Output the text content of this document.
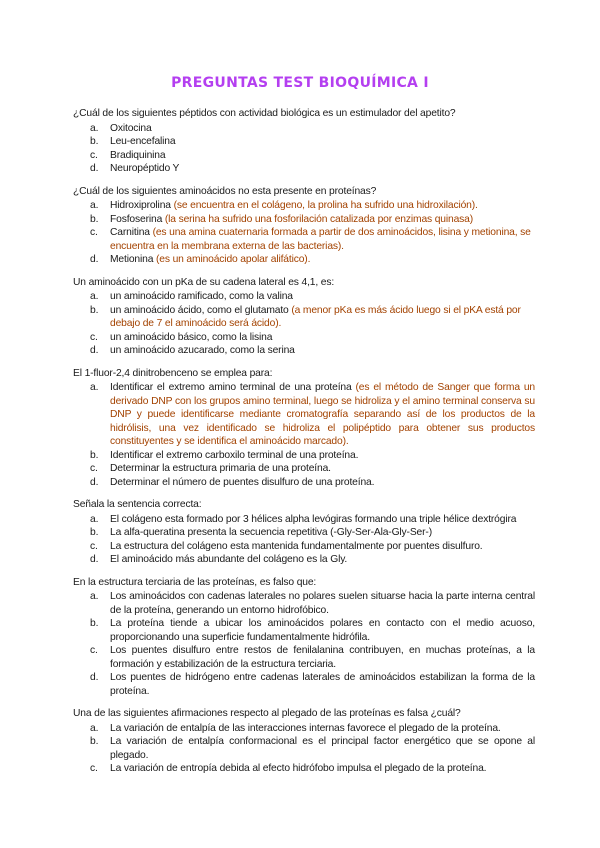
PREGUNTAS TEST BIOQUÍMICA I

¿Cuál de los siguientes péptidos con actividad biológica es un estimulador del apetito?

a. Oxitocina
b. Leu-encefalina
c. Bradiquinina
d. Neuropéptido Y

¿Cuál de los siguientes aminoácidos no esta presente en proteínas?

a. Hidroxiprolina (se encuentra en el colágeno, la prolina ha sufrido una hidroxilación).
b. Fosfoserina (la serina ha sufrido una fosforilación catalizada por enzimas quinasa)
c. Carnitina (es una amina cuaternaria formada a partir de dos aminoácidos, lisina y metionina, se encuentra en la membrana externa de las bacterias).
d. Metionina (es un aminoácido apolar alifático).

Un aminoácido con un pKa de su cadena lateral es 4,1, es:

a. un aminoácido ramificado, como la valina
b. un aminoácido ácido, como el glutamato (a menor pKa es más ácido luego si el pKA está por debajo de 7 el aminoácido será ácido).
c. un aminoácido básico, como la lisina
d. un aminoácido azucarado, como la serina

El 1-fluor-2,4 dinitrobenceno se emplea para:

a. Identificar el extremo amino terminal de una proteína (es el método de Sanger que forma un derivado DNP con los grupos amino terminal, luego se hidroliza y el amino terminal conserva su DNP y puede identificarse mediante cromatografía separando así de los productos de la hidrólisis, una vez identificado se hidroliza el polipéptido para obtener sus productos constituyentes y se identifica el aminoácido marcado).
b. Identificar el extremo carboxilo terminal de una proteína.
c. Determinar la estructura primaria de una proteína.
d. Determinar el número de puentes disulfuro de una proteína.

Señala la sentencia correcta:

a. El colágeno esta formado por 3 hélices alpha levógiras formando una triple hélice dextrógira
b. La alfa-queratina presenta la secuencia repetitiva (-Gly-Ser-Ala-Gly-Ser-)
c. La estructura del colágeno esta mantenida fundamentalmente por puentes disulfuro.
d. El aminoácido más abundante del colágeno es la Gly.

En la estructura terciaria de las proteínas, es falso que:

a. Los aminoácidos con cadenas laterales no polares suelen situarse hacia la parte interna central de la proteína, generando un entorno hidrofóbico.
b. La proteína tiende a ubicar los aminoácidos polares en contacto con el medio acuoso, proporcionando una superficie fundamentalmente hidrófila.
c. Los puentes disulfuro entre restos de fenilalanina contribuyen, en muchas proteínas, a la formación y estabilización de la estructura terciaria.
d. Los puentes de hidrógeno entre cadenas laterales de aminoácidos estabilizan la forma de la proteína.

Una de las siguientes afirmaciones respecto al plegado de las proteínas es falsa ¿cuál?

a. La variación de entalpía de las interacciones internas favorece el plegado de la proteína.
b. La variación de entalpía conformacional es el principal factor energético que se opone al plegado.
c. La variación de entropía debida al efecto hidrófobo impulsa el plegado de la proteína.
